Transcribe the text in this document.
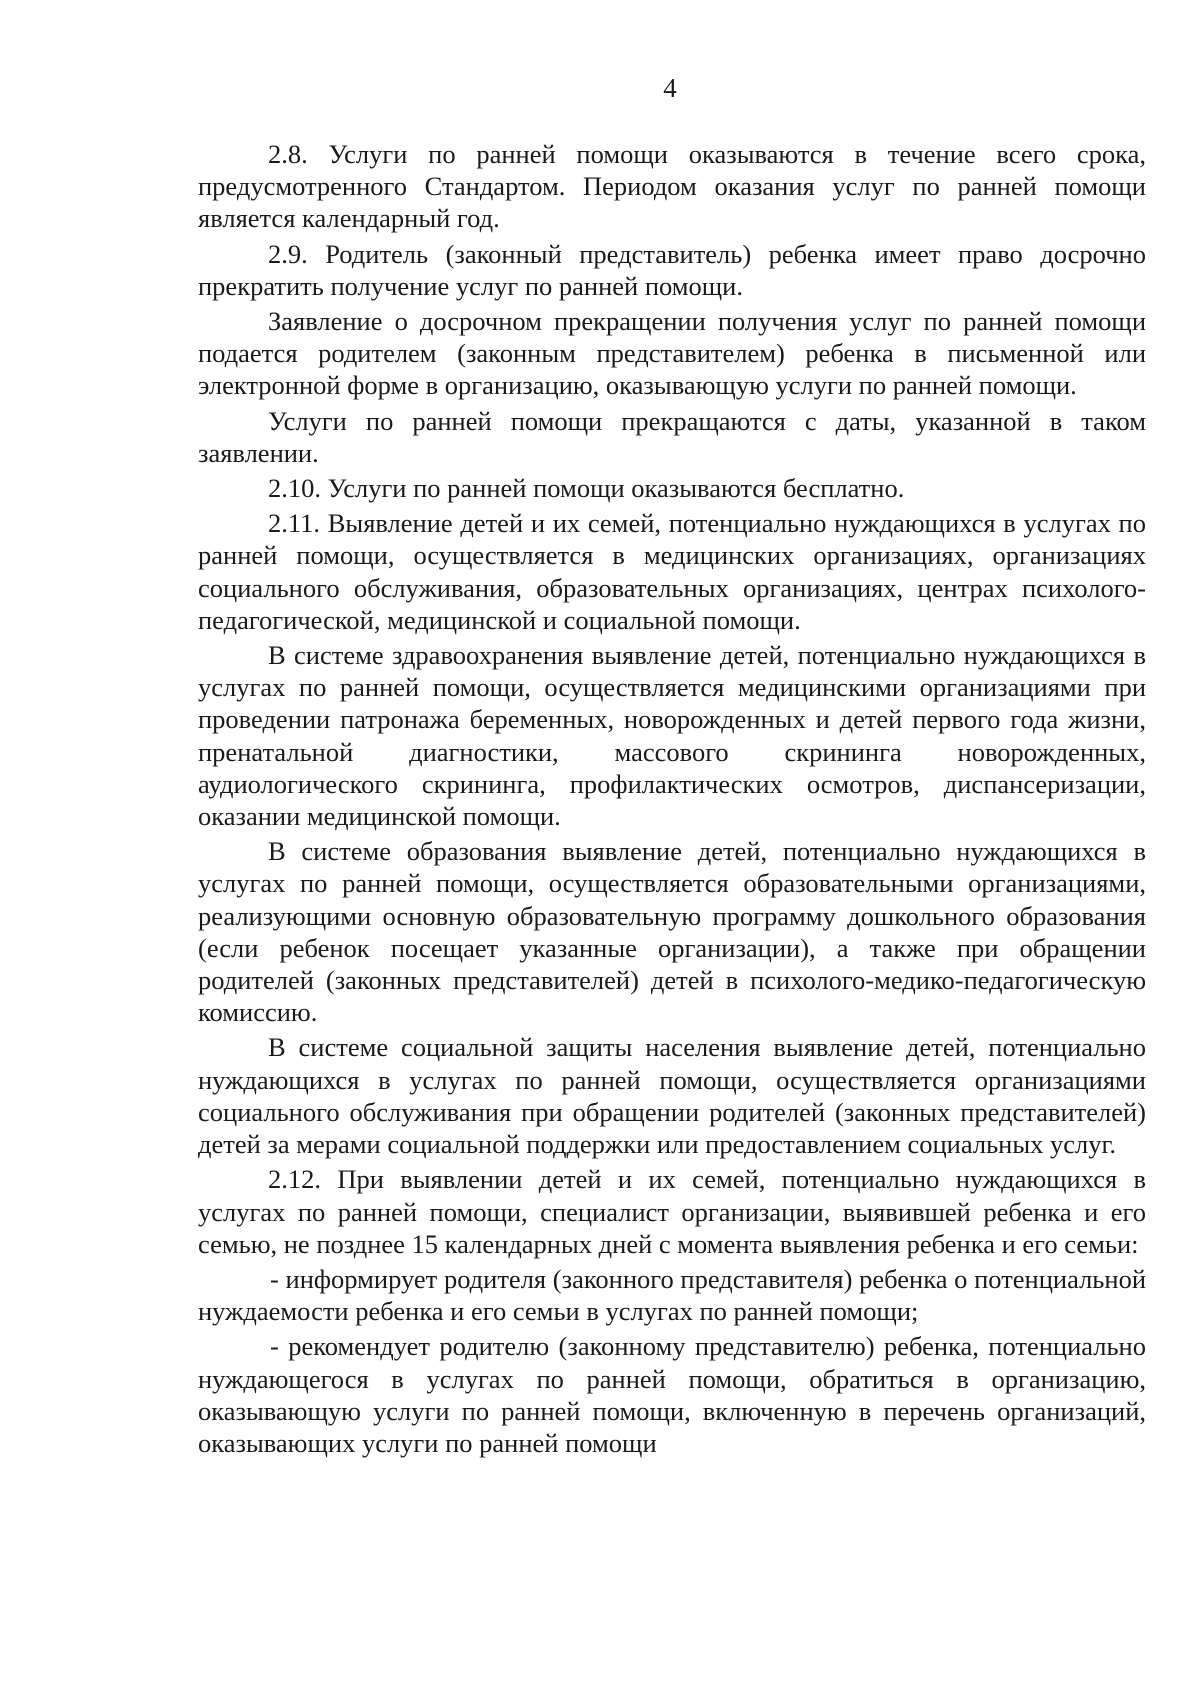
4

2.8. Услуги по ранней помощи оказываются в течение всего срока, предусмотренного Стандартом. Периодом оказания услуг по ранней помощи является календарный год.

2.9. Родитель (законный представитель) ребенка имеет право досрочно прекратить получение услуг по ранней помощи.

Заявление о досрочном прекращении получения услуг по ранней помощи подается родителем (законным представителем) ребенка в письменной или электронной форме в организацию, оказывающую услуги по ранней помощи.

Услуги по ранней помощи прекращаются с даты, указанной в таком заявлении.

2.10. Услуги по ранней помощи оказываются бесплатно.

2.11. Выявление детей и их семей, потенциально нуждающихся в услугах по ранней помощи, осуществляется в медицинских организациях, организациях социального обслуживания, образовательных организациях, центрах психолого-педагогической, медицинской и социальной помощи.

В системе здравоохранения выявление детей, потенциально нуждающихся в услугах по ранней помощи, осуществляется медицинскими организациями при проведении патронажа беременных, новорожденных и детей первого года жизни, пренатальной диагностики, массового скрининга новорожденных, аудиологического скрининга, профилактических осмотров, диспансеризации, оказании медицинской помощи.

В системе образования выявление детей, потенциально нуждающихся в услугах по ранней помощи, осуществляется образовательными организациями, реализующими основную образовательную программу дошкольного образования (если ребенок посещает указанные организации), а также при обращении родителей (законных представителей) детей в психолого-медико-педагогическую комиссию.

В системе социальной защиты населения выявление детей, потенциально нуждающихся в услугах по ранней помощи, осуществляется организациями социального обслуживания при обращении родителей (законных представителей) детей за мерами социальной поддержки или предоставлением социальных услуг.

2.12. При выявлении детей и их семей, потенциально нуждающихся в услугах по ранней помощи, специалист организации, выявившей ребенка и его семью, не позднее 15 календарных дней с момента выявления ребенка и его семьи:

- информирует родителя (законного представителя) ребенка о потенциальной нуждаемости ребенка и его семьи в услугах по ранней помощи;

- рекомендует родителю (законному представителю) ребенка, потенциально нуждающегося в услугах по ранней помощи, обратиться в организацию, оказывающую услуги по ранней помощи, включенную в перечень организаций, оказывающих услуги по ранней помощи
